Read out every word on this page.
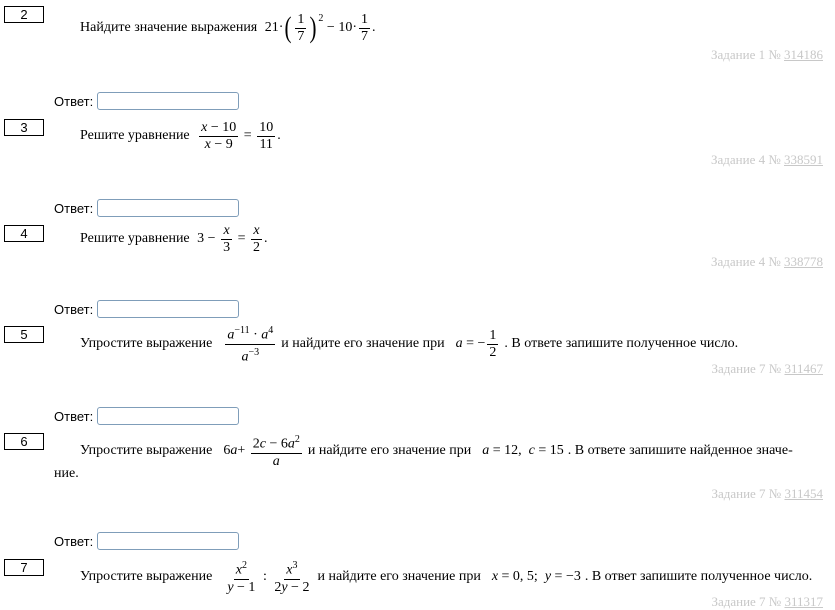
2
Найдите значение выражения 21· ( $\frac{1}{7} )^2$
− $10\cdot \frac{1}{7}$ .
Задание 1 № 314186
Ответ:
3
Решите уравнение
$\frac{x - 10}{x - 9} = \frac{10}{11}$ .
Задание 4 № 338591
Ответ:
4	Решите уравнение $3 - \frac{x}{3} = \frac{x}{2}$ .
Задание 4 № 338778
Ответ:
5
Упростите выражение
$\frac{a^{-11} \cdot a^4}{a^{-3}}$ и найдите его значение при
a = − $\frac{1}{2}$ . В ответе запишите полученное число.
Задание 7 № 311467
Ответ:
6
Упростите выражение 6 $a + \frac{2c - 6a^2}{a}$ и найдите его значение при
a = 12, c = 15 . В ответе запишите найденное значе-
ние.
Задание 7 № 311454
Ответ:
7
Упростите выражение
$\frac{x^2}{y - 1}$ : $\frac{x^3}{2y - 2}$ и найдите его значение при
x = 0, 5; y = −3 . В ответ запишите полученное число.
Задание 7 № 311317
